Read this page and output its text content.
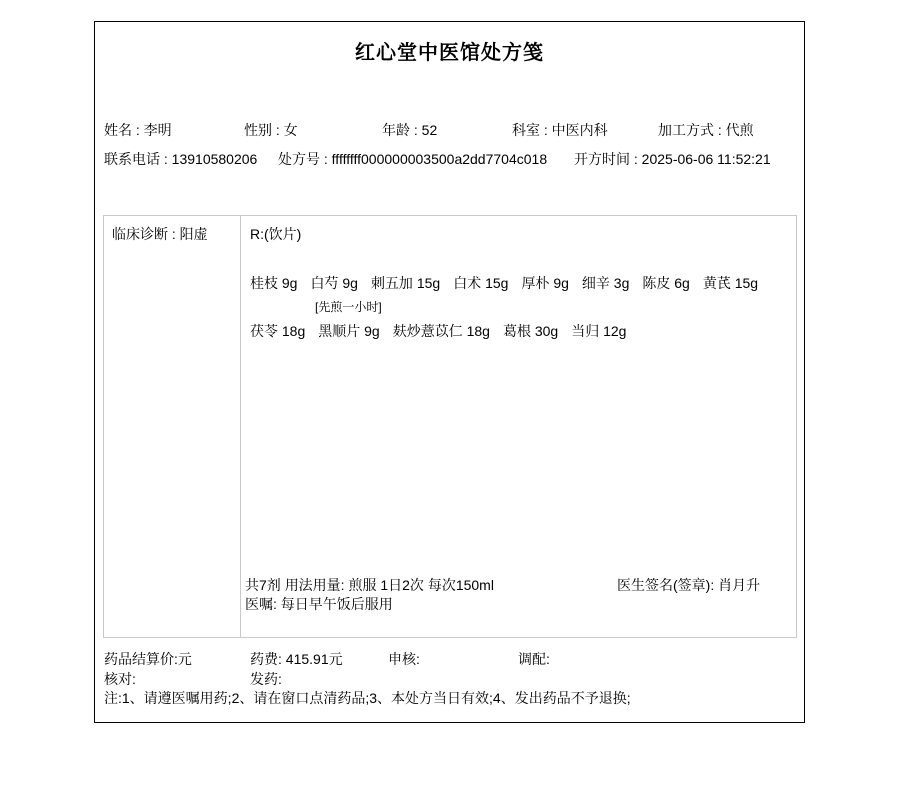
红心堂中医馆处方笺
姓名 : 李明	性别 : 女	年龄 : 52	科室 : 中医内科	加工方式 : 代煎
联系电话 : 13910580206 处方号 : ffffffff000000003500a2dd7704c018 开方时间 : 2025-06-06 11:52:21
临床诊断 : 阳虚	R:(饮片)
桂枝 9g 白芍 9g 刺五加 15g 白术 15g 厚朴 9g 细辛 3g 陈皮 6g 黄芪 15g
[先煎一小时]
茯苓 18g 黑顺片 9g 麸炒薏苡仁 18g 葛根 30g 当归 12g
共7剂 用法用量: 煎服 1日2次 每次150ml	医生签名(签章): 肖月升
医嘱: 每日早午饭后服用
药品结算价:元	药费: 415.91元	申核:	调配:
核对:	发药:
注:1、请遵医嘱用药;2、请在窗口点清药品;3、本处方当日有效;4、发出药品不予退换;
